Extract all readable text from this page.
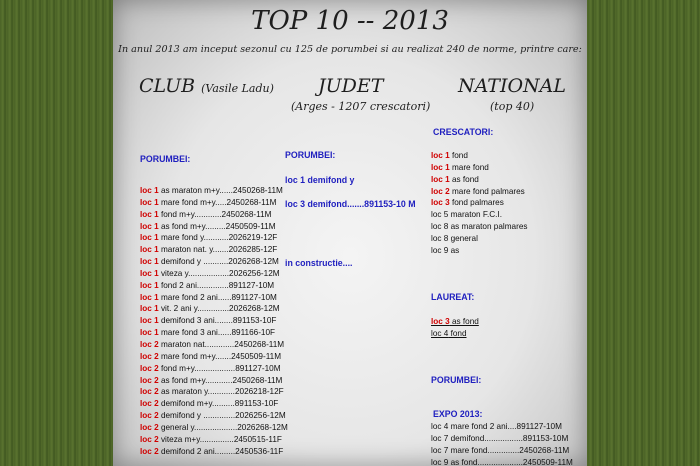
TOP 10 -- 2013
In anul 2013 am inceput sezonul cu 125 de porumbei si au realizat 240 de norme, printre care:
CLUB (Vasile Ladu) JUDET
(Arges - 1207 crescatori)
NATIONAL
(top 40)
PORUMBEI:
loc 1 as maraton m+y......2450268-11M
loc 1 mare fond m+y.....2450268-11M
loc 1 fond m+y............2450268-11M
loc 1 as fond m+y.........2450509-11M
loc 1 mare fond y...........2026219-12F
loc 1 maraton nat. y.......2026285-12F
loc 1 demifond y ...........2026268-12M
loc 1 viteza y..................2026256-12M
loc 1 fond 2 ani..............891127-10M
loc 1 mare fond 2 ani......891127-10M
loc 1 vit. 2 ani y..............2026268-12M
loc 1 demifond 3 ani........891153-10F
loc 1 mare fond 3 ani......891166-10F
loc 2 maraton nat.............2450268-11M
loc 2 mare fond m+y.......2450509-11M
loc 2 fond m+y..................891127-10M
loc 2 as fond m+y............2450268-11M
loc 2 as maraton y............2026218-12F
loc 2 demifond m+y..........891153-10F
loc 2 demifond y ..............2026256-12M
loc 2 general y...................2026268-12M
loc 2 viteza m+y...............2450515-11F
loc 2 demifond 2 ani.........2450536-11F
PORUMBEI:
loc 1 demifond y
loc 3 demifond.......891153-10 M
in constructie....
CRESCATORI:
loc 1 fond
loc 1 mare fond
loc 1 as fond
loc 2 mare fond palmares
loc 3 fond palmares
loc 5 maraton F.C.I.
loc 8 as maraton palmares
loc 8 general
loc 9 as
LAUREAT:
loc 3 as fond
loc 4 fond
PORUMBEI:
EXPO 2013:
loc 4 mare fond 2 ani....891127-10M
loc 7 demifond.................891153-10M
loc 7 mare fond..............2450268-11M
loc 9 as fond....................2450509-11M
